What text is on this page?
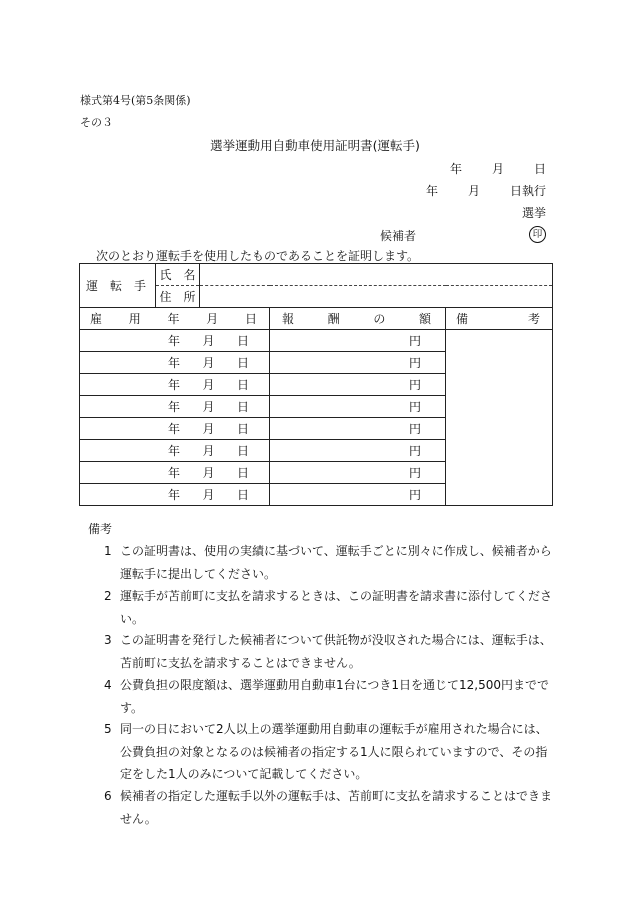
様式第4号(第5条関係)
その３
選挙運動用自動車使用証明書(運転手)
年	月	日
年	月	日執行
選挙
候補者	印
次のとおり運転手を使用したものであることを証明します。
運　転　手	氏　名			
	住　所			

雇 用 年 月 日			報 酬 の 額	備 考

年 月 日			円	

年 月 日			円	

年 月 日			円	

年 月 日			円	

年 月 日			円	

年 月 日			円	

年 月 日			円	

年 月 日			円	
備考
1 この証明書は、使用の実績に基づいて、運転手ごとに別々に作成し、候補者から運転手に提出してください。
2 運転手が苫前町に支払を請求するときは、この証明書を請求書に添付してください。
3 この証明書を発行した候補者について供託物が没収された場合には、運転手は、苫前町に支払を請求することはできません。
4 公費負担の限度額は、選挙運動用自動車1台につき1日を通じて12,500円までです。
5 同一の日において2人以上の選挙運動用自動車の運転手が雇用された場合には、公費負担の対象となるのは候補者の指定する1人に限られていますので、その指定をした1人のみについて記載してください。
6 候補者の指定した運転手以外の運転手は、苫前町に支払を請求することはできません。
